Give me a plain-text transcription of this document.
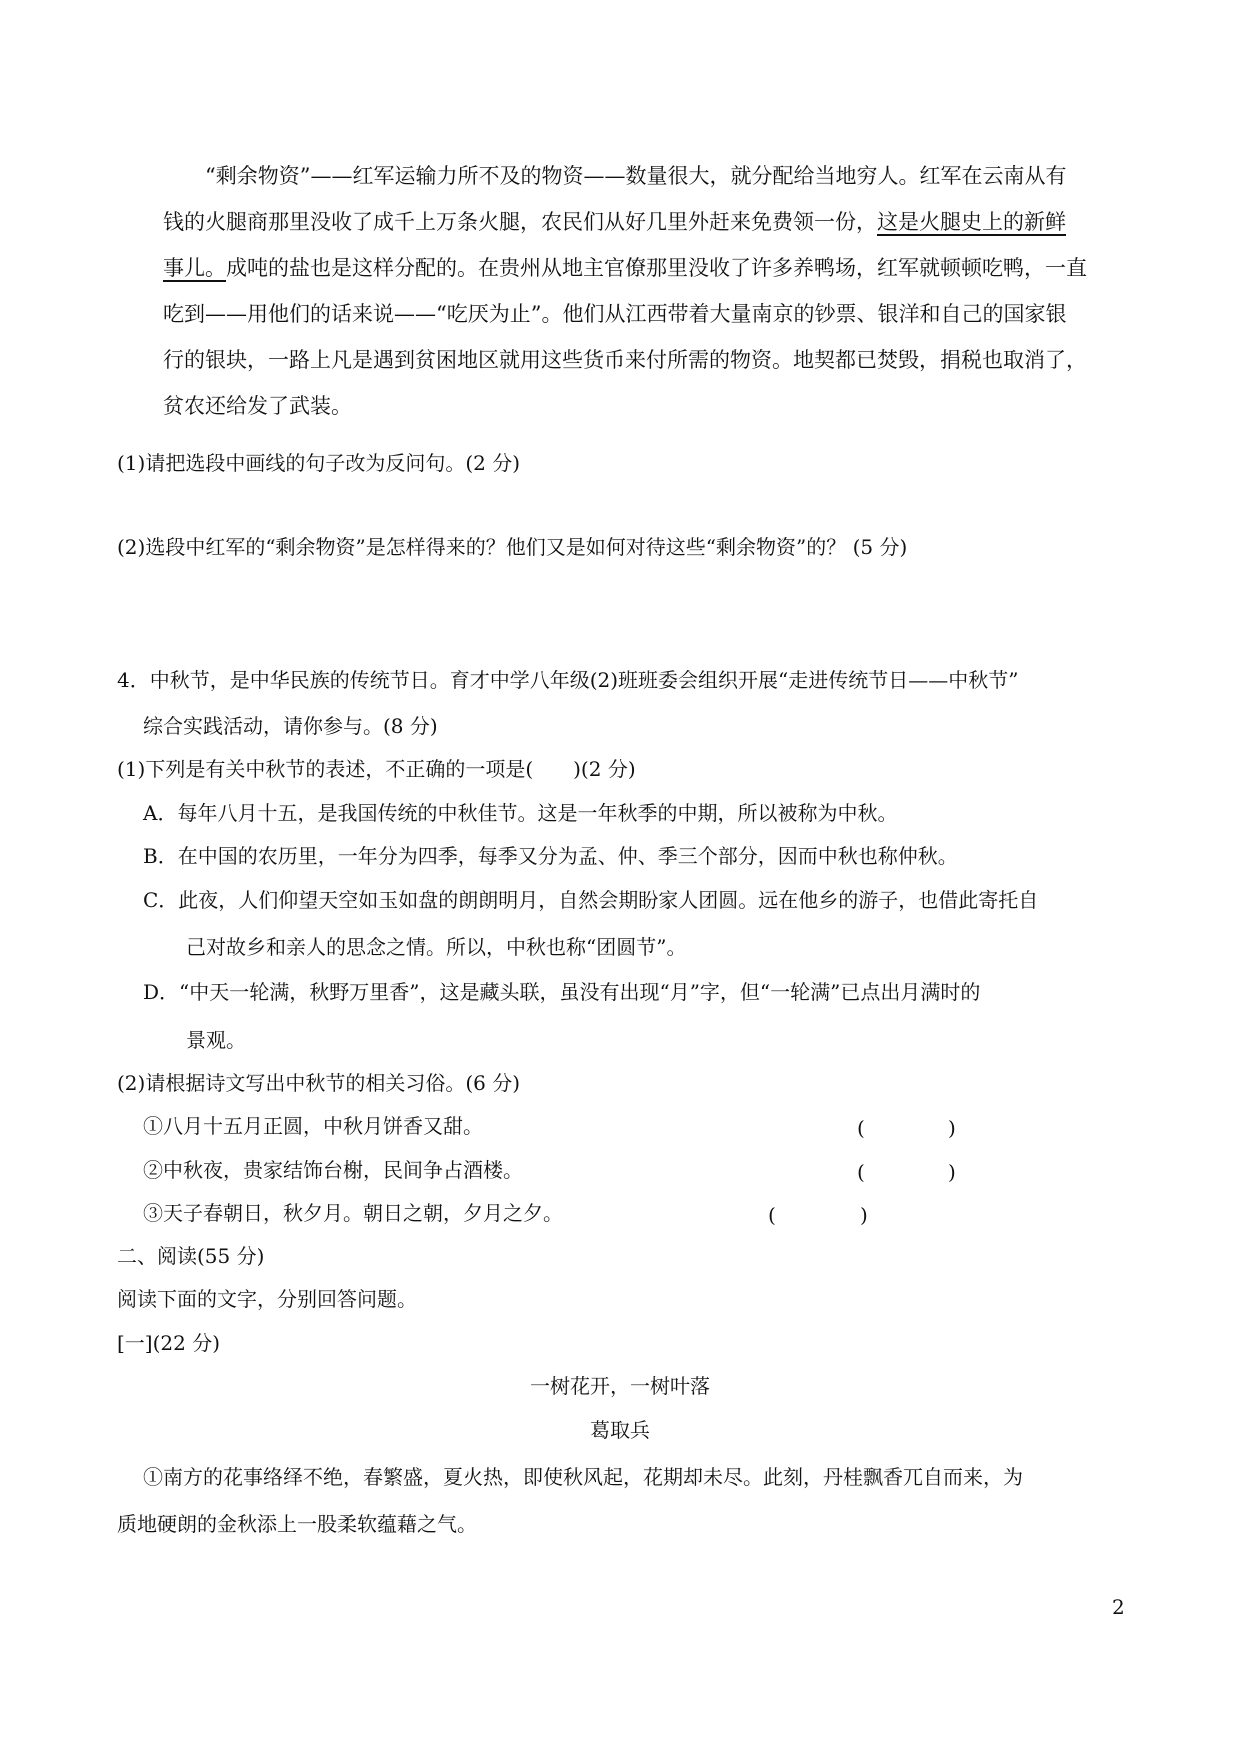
“剩余物资”——红军运输力所不及的物资——数量很大，就分配给当地穷人。红军在云南从有
钱的火腿商那里没收了成千上万条火腿，农民们从好几里外赶来免费领一份，这是火腿史上的新鲜
事儿。成吨的盐也是这样分配的。在贵州从地主官僚那里没收了许多养鸭场，红军就顿顿吃鸭，一直
吃到——用他们的话来说——“吃厌为止”。他们从江西带着大量南京的钞票、银洋和自己的国家银
行的银块，一路上凡是遇到贫困地区就用这些货币来付所需的物资。地契都已焚毁，捐税也取消了，
贫农还给发了武装。
(1)请把选段中画线的句子改为反问句。(2 分)
(2)选段中红军的“剩余物资”是怎样得来的？他们又是如何对待这些“剩余物资”的？ (5 分)
4．中秋节，是中华民族的传统节日。育才中学八年级(2)班班委会组织开展“走进传统节日——中秋节”
综合实践活动，请你参与。(8 分)
(1)下列是有关中秋节的表述，不正确的一项是(　　)(2 分)
A．每年八月十五，是我国传统的中秋佳节。这是一年秋季的中期，所以被称为中秋。
B．在中国的农历里，一年分为四季，每季又分为孟、仲、季三个部分，因而中秋也称仲秋。
C．此夜，人们仰望天空如玉如盘的朗朗明月，自然会期盼家人团圆。远在他乡的游子，也借此寄托自
己对故乡和亲人的思念之情。所以，中秋也称“团圆节”。
D．“中天一轮满，秋野万里香”，这是藏头联，虽没有出现“月”字，但“一轮满”已点出月满时的
景观。
(2)请根据诗文写出中秋节的相关习俗。(6 分)
①八月十五月正圆，中秋月饼香又甜。	(	)
②中秋夜，贵家结饰台榭，民间争占酒楼。	(	)
③天子春朝日，秋夕月。朝日之朝，夕月之夕。	(	)
二、阅读(55 分)
阅读下面的文字，分别回答问题。
[一](22 分)
一树花开，一树叶落
葛取兵
①南方的花事络绎不绝，春繁盛，夏火热，即使秋风起，花期却未尽。此刻，丹桂飘香兀自而来，为
质地硬朗的金秋添上一股柔软蕴藉之气。
2
